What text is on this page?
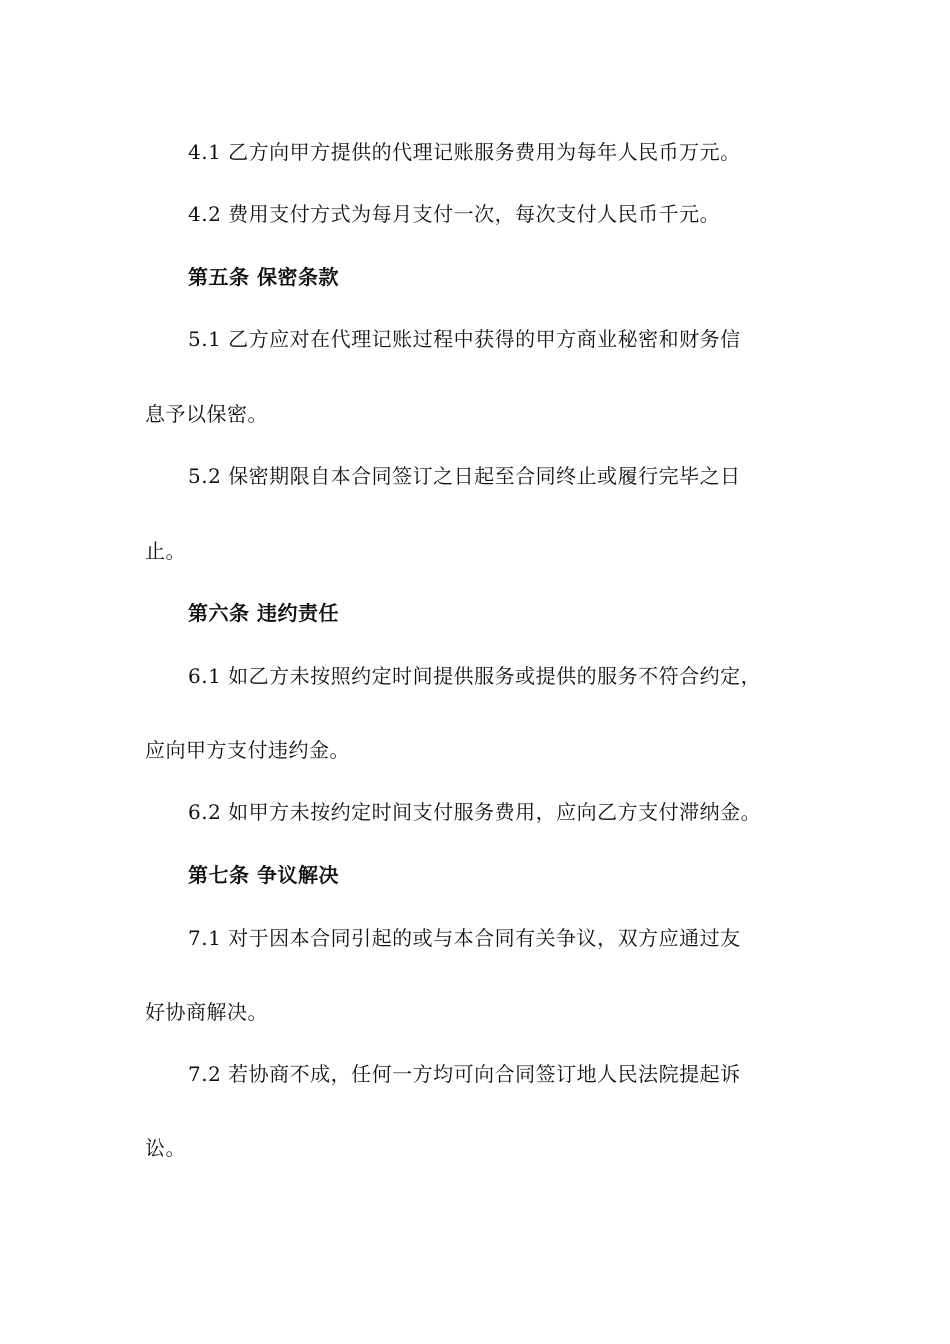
4.1 乙方向甲方提供的代理记账服务费用为每年人民币万元。
4.2 费用支付方式为每月支付一次，每次支付人民币千元。
第五条 保密条款
5.1 乙方应对在代理记账过程中获得的甲方商业秘密和财务信
息予以保密。
5.2 保密期限自本合同签订之日起至合同终止或履行完毕之日
止。
第六条 违约责任
6.1 如乙方未按照约定时间提供服务或提供的服务不符合约定，
应向甲方支付违约金。
6.2 如甲方未按约定时间支付服务费用，应向乙方支付滞纳金。
第七条 争议解决
7.1 对于因本合同引起的或与本合同有关争议，双方应通过友
好协商解决。
7.2 若协商不成，任何一方均可向合同签订地人民法院提起诉
讼。
